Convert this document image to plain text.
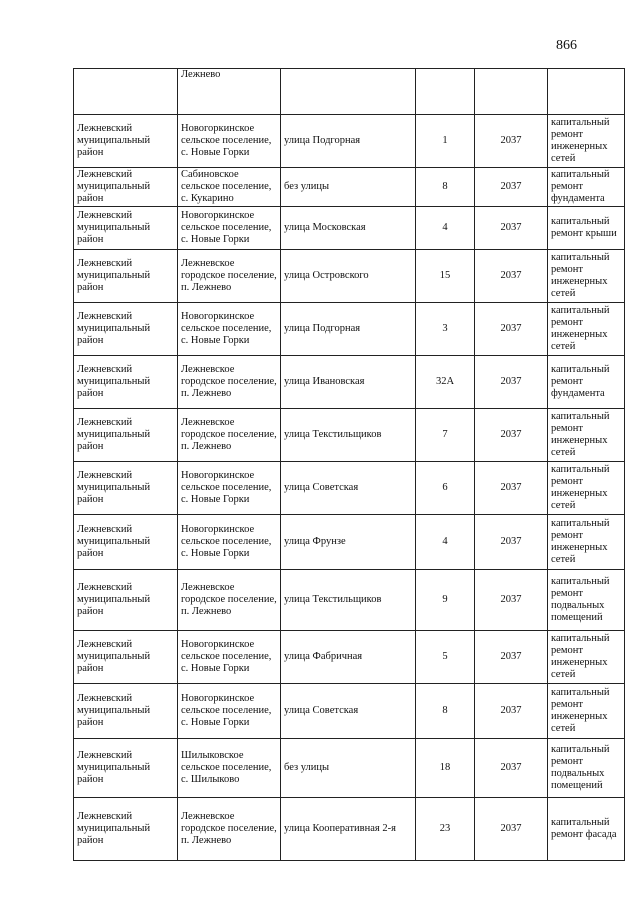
866
	Лежнево				
Лежневский муниципальный район	Новогоркинское сельское поселение, с. Новые Горки	улица Подгорная	1	2037	капитальный ремонт инженерных сетей
Лежневский муниципальный район	Сабиновское сельское поселение, с. Кукарино	без улицы	8	2037	капитальный ремонт фундамента
Лежневский муниципальный район	Новогоркинское сельское поселение, с. Новые Горки	улица Московская	4	2037	капитальный ремонт крыши
Лежневский муниципальный район	Лежневское городское поселение, п. Лежнево	улица Островского	15	2037	капитальный ремонт инженерных сетей
Лежневский муниципальный район	Новогоркинское сельское поселение, с. Новые Горки	улица Подгорная	3	2037	капитальный ремонт инженерных сетей
Лежневский муниципальный район	Лежневское городское поселение, п. Лежнево	улица Ивановская	32А	2037	капитальный ремонт фундамента
Лежневский муниципальный район	Лежневское городское поселение, п. Лежнево	улица Текстильщиков	7	2037	капитальный ремонт инженерных сетей
Лежневский муниципальный район	Новогоркинское сельское поселение, с. Новые Горки	улица Советская	6	2037	капитальный ремонт инженерных сетей
Лежневский муниципальный район	Новогоркинское сельское поселение, с. Новые Горки	улица Фрунзе	4	2037	капитальный ремонт инженерных сетей
Лежневский муниципальный район	Лежневское городское поселение, п. Лежнево	улица Текстильщиков	9	2037	капитальный ремонт подвальных помещений
Лежневский муниципальный район	Новогоркинское сельское поселение, с. Новые Горки	улица Фабричная	5	2037	капитальный ремонт инженерных сетей
Лежневский муниципальный район	Новогоркинское сельское поселение, с. Новые Горки	улица Советская	8	2037	капитальный ремонт инженерных сетей
Лежневский муниципальный район	Шилыковское сельское поселение, с. Шилыково	без улицы	18	2037	капитальный ремонт подвальных помещений
Лежневский муниципальный район	Лежневское городское поселение, п. Лежнево	улица Кооперативная 2-я	23	2037	капитальный ремонт фасада
